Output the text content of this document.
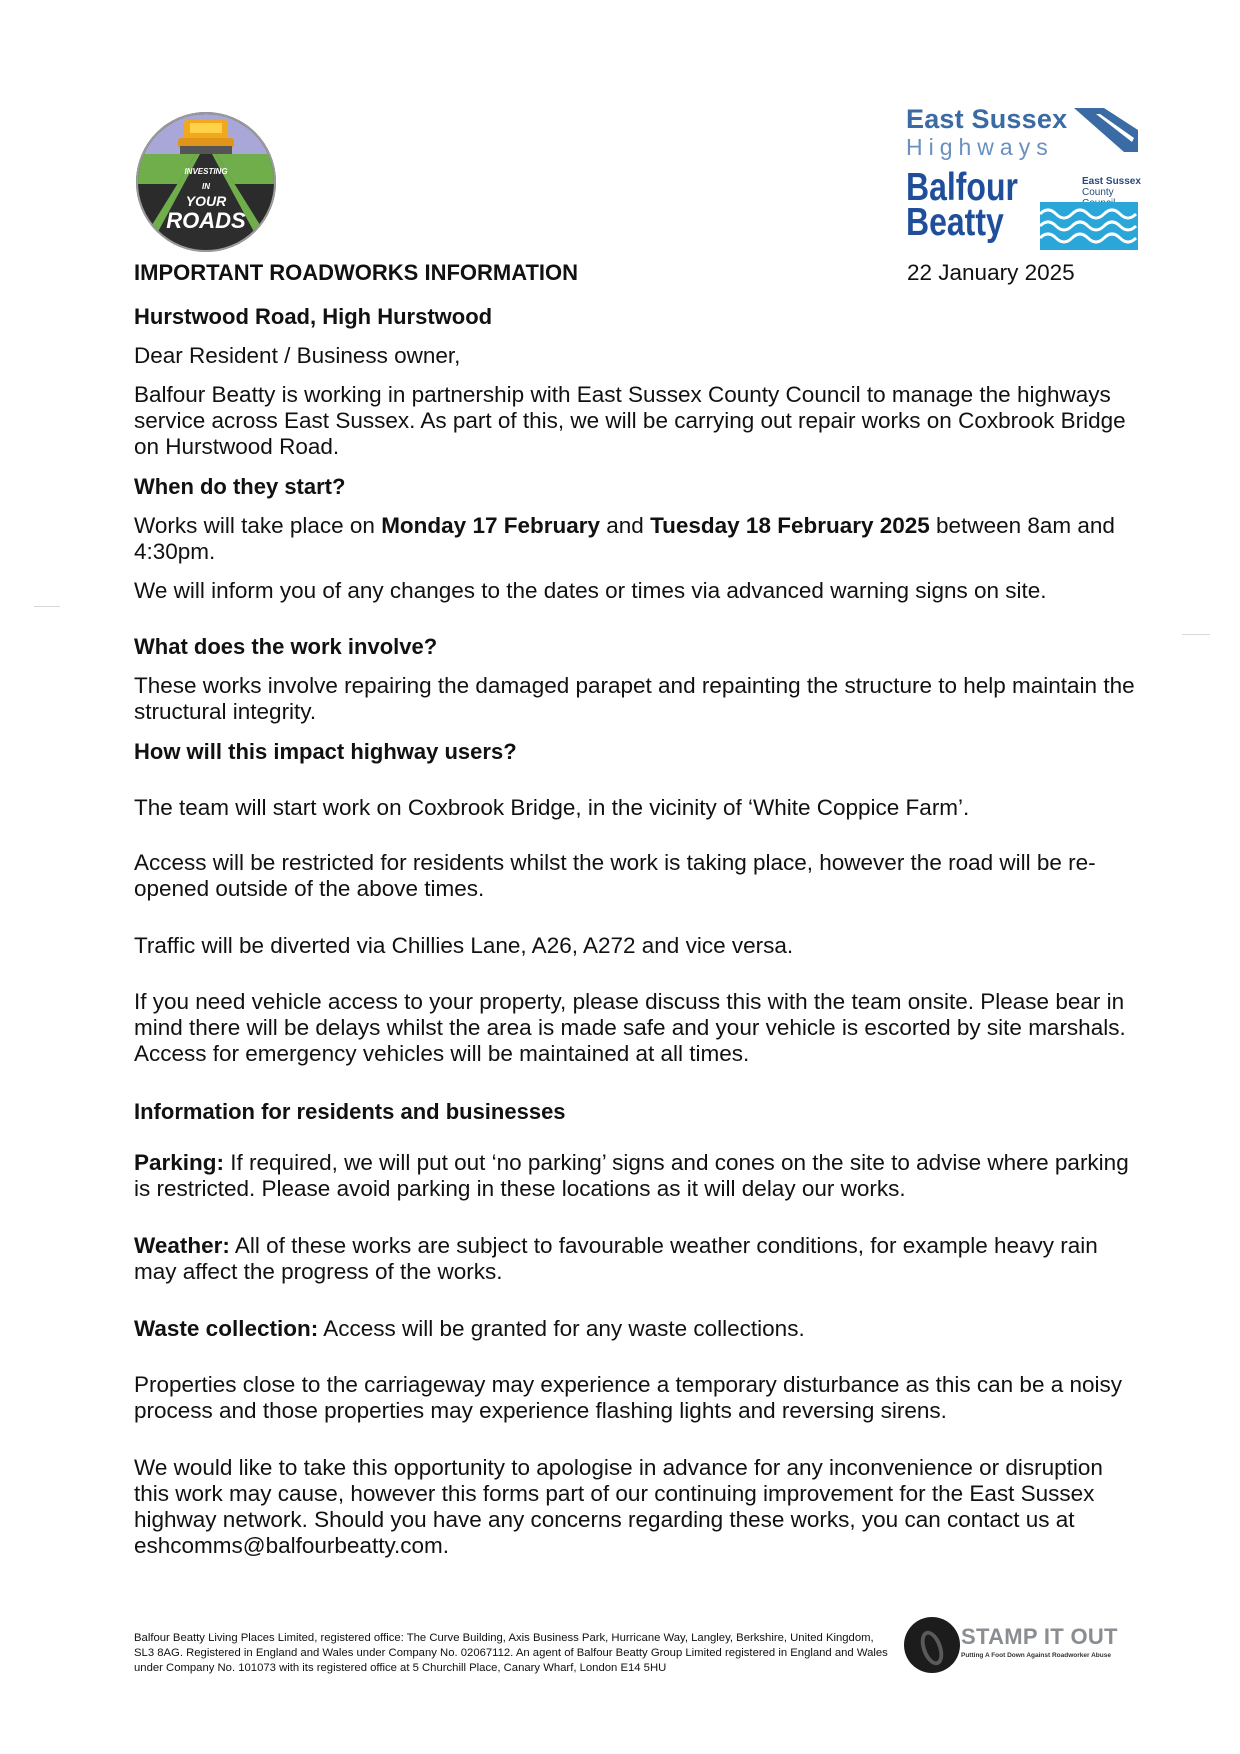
INVESTING
IN
YOUR
ROADS
East Sussex
Highways
Balfour
Beatty
East Sussex
County
IMPORTANT ROADWORKS INFORMATION	22 January 2025
Hurstwood Road, High Hurstwood
Dear Resident / Business owner,

Balfour Beatty is working in partnership with East Sussex County Council to manage the highways service across East Sussex. As part of this, we will be carrying out repair works on Coxbrook Bridge on Hurstwood Road.

When do they start?

Works will take place on Monday 17 February and Tuesday 18 February 2025 between 8am and 4:30pm.

We will inform you of any changes to the dates or times via advanced warning signs on site.

What does the work involve?

These works involve repairing the damaged parapet and repainting the structure to help maintain the structural integrity.

How will this impact highway users?

The team will start work on Coxbrook Bridge, in the vicinity of ‘White Coppice Farm’.

Access will be restricted for residents whilst the work is taking place, however the road will be re-opened outside of the above times.

Traffic will be diverted via Chillies Lane, A26, A272 and vice versa.

If you need vehicle access to your property, please discuss this with the team onsite. Please bear in mind there will be delays whilst the area is made safe and your vehicle is escorted by site marshals. Access for emergency vehicles will be maintained at all times.

Information for residents and businesses

Parking: If required, we will put out ‘no parking’ signs and cones on the site to advise where parking is restricted. Please avoid parking in these locations as it will delay our works.

Weather: All of these works are subject to favourable weather conditions, for example heavy rain may affect the progress of the works.

Waste collection: Access will be granted for any waste collections.

Properties close to the carriageway may experience a temporary disturbance as this can be a noisy process and those properties may experience flashing lights and reversing sirens.

We would like to take this opportunity to apologise in advance for any inconvenience or disruption this work may cause, however this forms part of our continuing improvement for the East Sussex highway network. Should you have any concerns regarding these works, you can contact us at eshcomms@balfourbeatty.com.

Balfour Beatty Living Places Limited, registered office: The Curve Building, Axis Business Park, Hurricane Way, Langley, Berkshire, United Kingdom, SL3 8AG. Registered in England and Wales under Company No. 02067112. An agent of Balfour Beatty Group Limited registered in England and Wales under Company No. 101073 with its registered office at 5 Churchill Place, Canary Wharf, London E14 5HU
STAMP IT OUT
Putting A Foot Down Against Roadworker Abuse
